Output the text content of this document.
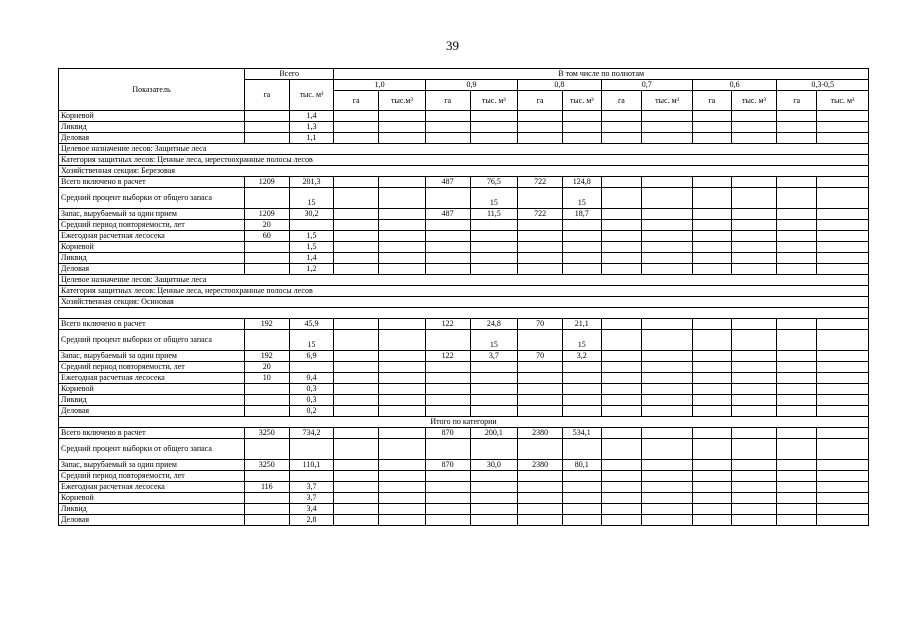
39
Показатель	Всего		В том числе по полнотам											
	га	тыс. м³	1,0		0,9		0,8		0,7		0,6		0,3-0,5	
			га	тыс.м³	га	тыс. м³	га	тыс. м³	га	тыс. м³	га	тыс. м³	га	тыс. м³
Корневой		1,4												
Ликвид		1,3												
Деловая		1,1												
Целевое назначение лесов: Защитные леса														
Категория защитных лесов: Ценные леса, нерестоохранные полосы лесов														
Хозяйственная секция: Березовая														
Всего включено в расчет	1209	201,3			487	76,5	722	124,8						
Средний процент выборки от общего запаса		15				15		15						
Запас, вырубаемый за один прием	1209	30,2			487	11,5	722	18,7						
Средний период повторяемости, лет	20													
Ежегодная расчетная лесосека	60	1,5												
Корневой		1,5												
Ликвид		1,4												
Деловая		1,2												
Целевое назначение лесов: Защитные леса														
Категория защитных лесов: Ценные леса, нерестоохранные полосы лесов														
Хозяйственная секция: Осиновая														

Всего включено в расчет	192	45,9			122	24,8	70	21,1						
Средний процент выборки от общего запаса		15				15		15						
Запас, вырубаемый за один прием	192	6,9			122	3,7	70	3,2						
Средний период повторяемости, лет	20													
Ежегодная расчетная лесосека	10	0,4												
Корневой		0,3												
Ликвид		0,3												
Деловая		0,2												
Итого по категории														
Всего включено в расчет	3250	734,2			870	200,1	2380	534,1						
Средний процент выборки от общего запаса														
Запас, вырубаемый за один прием	3250	110,1			870	30,0	2380	80,1						
Средний период повторяемости, лет														
Ежегодная расчетная лесосека	116	3,7												
Корневой		3,7												
Ликвид		3,4												
Деловая		2,8												
